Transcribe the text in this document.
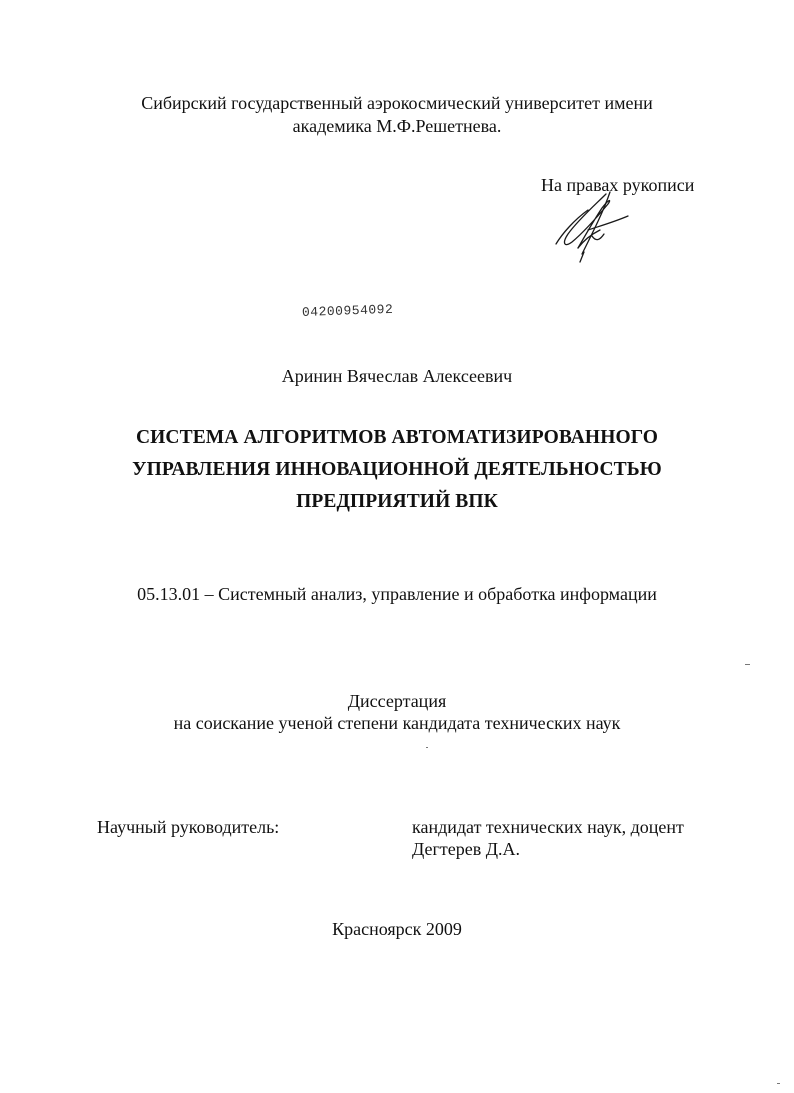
Сибирский государственный аэрокосмический университет имени
академика М.Ф.Решетнева.
На правах рукописи
04200954092
Аринин Вячеслав Алексеевич
СИСТЕМА АЛГОРИТМОВ АВТОМАТИЗИРОВАННОГО
УПРАВЛЕНИЯ ИННОВАЦИОННОЙ ДЕЯТЕЛЬНОСТЬЮ
ПРЕДПРИЯТИЙ ВПК
05.13.01 – Системный анализ, управление и обработка информации
Диссертация
на соискание ученой степени кандидата технических наук
Научный руководитель:	кандидат технических наук, доцент
Дегтерев Д.А.
Красноярск 2009
